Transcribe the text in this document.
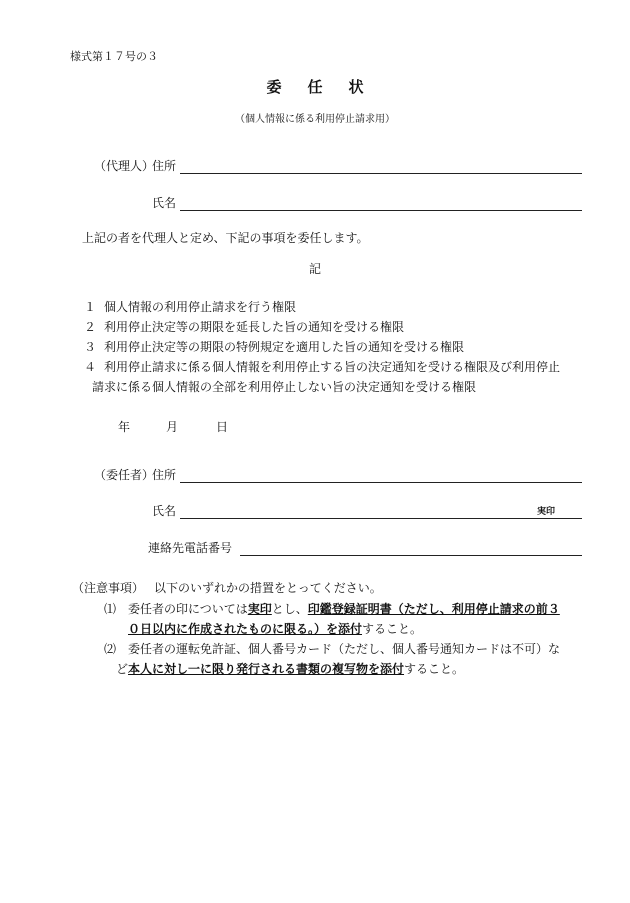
様式第１７号の３
委任状
（個人情報に係る利用停止請求用）
（代理人）
住所
氏名
上記の者を代理人と定め、下記の事項を委任します。
記
１ 個人情報の利用停止請求を行う権限
２ 利用停止決定等の期限を延長した旨の通知を受ける権限
３ 利用停止決定等の期限の特例規定を適用した旨の通知を受ける権限
４ 利用停止請求に係る個人情報を利用停止する旨の決定通知を受ける権限及び利用停止
請求に係る個人情報の全部を利用停止しない旨の決定通知を受ける権限
年	月	日
（委任者）
住所
氏名	実印
連絡先電話番号
（注意事項） 以下のいずれかの措置をとってください。
⑴ 委任者の印については実印とし、印鑑登録証明書（ただし、利用停止請求の前３
０日以内に作成されたものに限る。）を添付すること。
⑵ 委任者の運転免許証、個人番号カード（ただし、個人番号通知カードは不可）な
ど本人に対し一に限り発行される書類の複写物を添付すること。
